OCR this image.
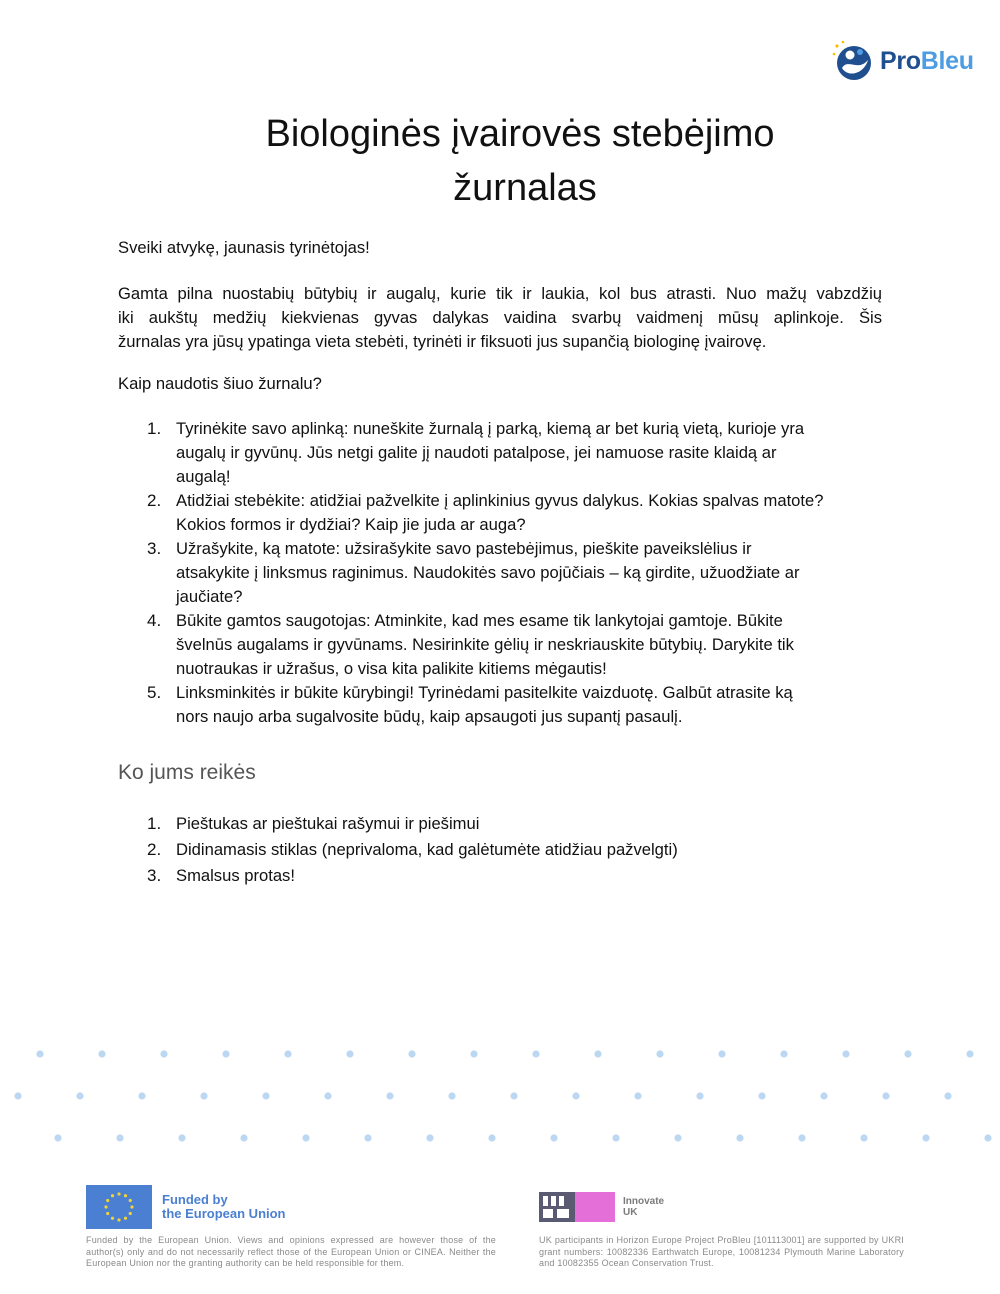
ProBleu
Biologinės įvairovės stebėjimo
žurnalas

Sveiki atvykę, jaunasis tyrinėtojas!

Gamta pilna nuostabių būtybių ir augalų, kurie tik ir laukia, kol bus atrasti. Nuo mažų vabzdžių
iki aukštų medžių kiekvienas gyvas dalykas vaidina svarbų vaidmenį mūsų aplinkoje. Šis
žurnalas yra jūsų ypatinga vieta stebėti, tyrinėti ir fiksuoti jus supančią biologinę įvairovę.

Kaip naudotis šiuo žurnalu?

1. Tyrinėkite savo aplinką: nuneškite žurnalą į parką, kiemą ar bet kurią vietą, kurioje yra
augalų ir gyvūnų. Jūs netgi galite jį naudoti patalpose, jei namuose rasite klaidą ar
augalą!
2. Atidžiai stebėkite: atidžiai pažvelkite į aplinkinius gyvus dalykus. Kokias spalvas matote?
Kokios formos ir dydžiai? Kaip jie juda ar auga?
3. Užrašykite, ką matote: užsirašykite savo pastebėjimus, pieškite paveikslėlius ir
atsakykite į linksmus raginimus. Naudokitės savo pojūčiais – ką girdite, užuodžiate ar
jaučiate?
4. Būkite gamtos saugotojas: Atminkite, kad mes esame tik lankytojai gamtoje. Būkite
švelnūs augalams ir gyvūnams. Nesirinkite gėlių ir neskriauskite būtybių. Darykite tik
nuotraukas ir užrašus, o visa kita palikite kitiems mėgautis!
5. Linksminkitės ir būkite kūrybingi! Tyrinėdami pasitelkite vaizduotę. Galbūt atrasite ką
nors naujo arba sugalvosite būdų, kaip apsaugoti jus supantį pasaulį.
Ko jums reikės
1. Pieštukas ar pieštukai rašymui ir piešimui
2. Didinamasis stiklas (neprivaloma, kad galėtumėte atidžiau pažvelgti)
3. Smalsus protas!
Funded by
the European Union

Funded by the European Union. Views and opinions expressed are however those of the author(s) only and do not necessarily reflect those of the European Union or CINEA. Neither the European Union nor the granting authority can be held responsible for them.

Innovate
UK

UK participants in Horizon Europe Project ProBleu [101113001] are supported by UKRI grant numbers: 10082336 Earthwatch Europe, 10081234 Plymouth Marine Laboratory and 10082355 Ocean Conservation Trust.
